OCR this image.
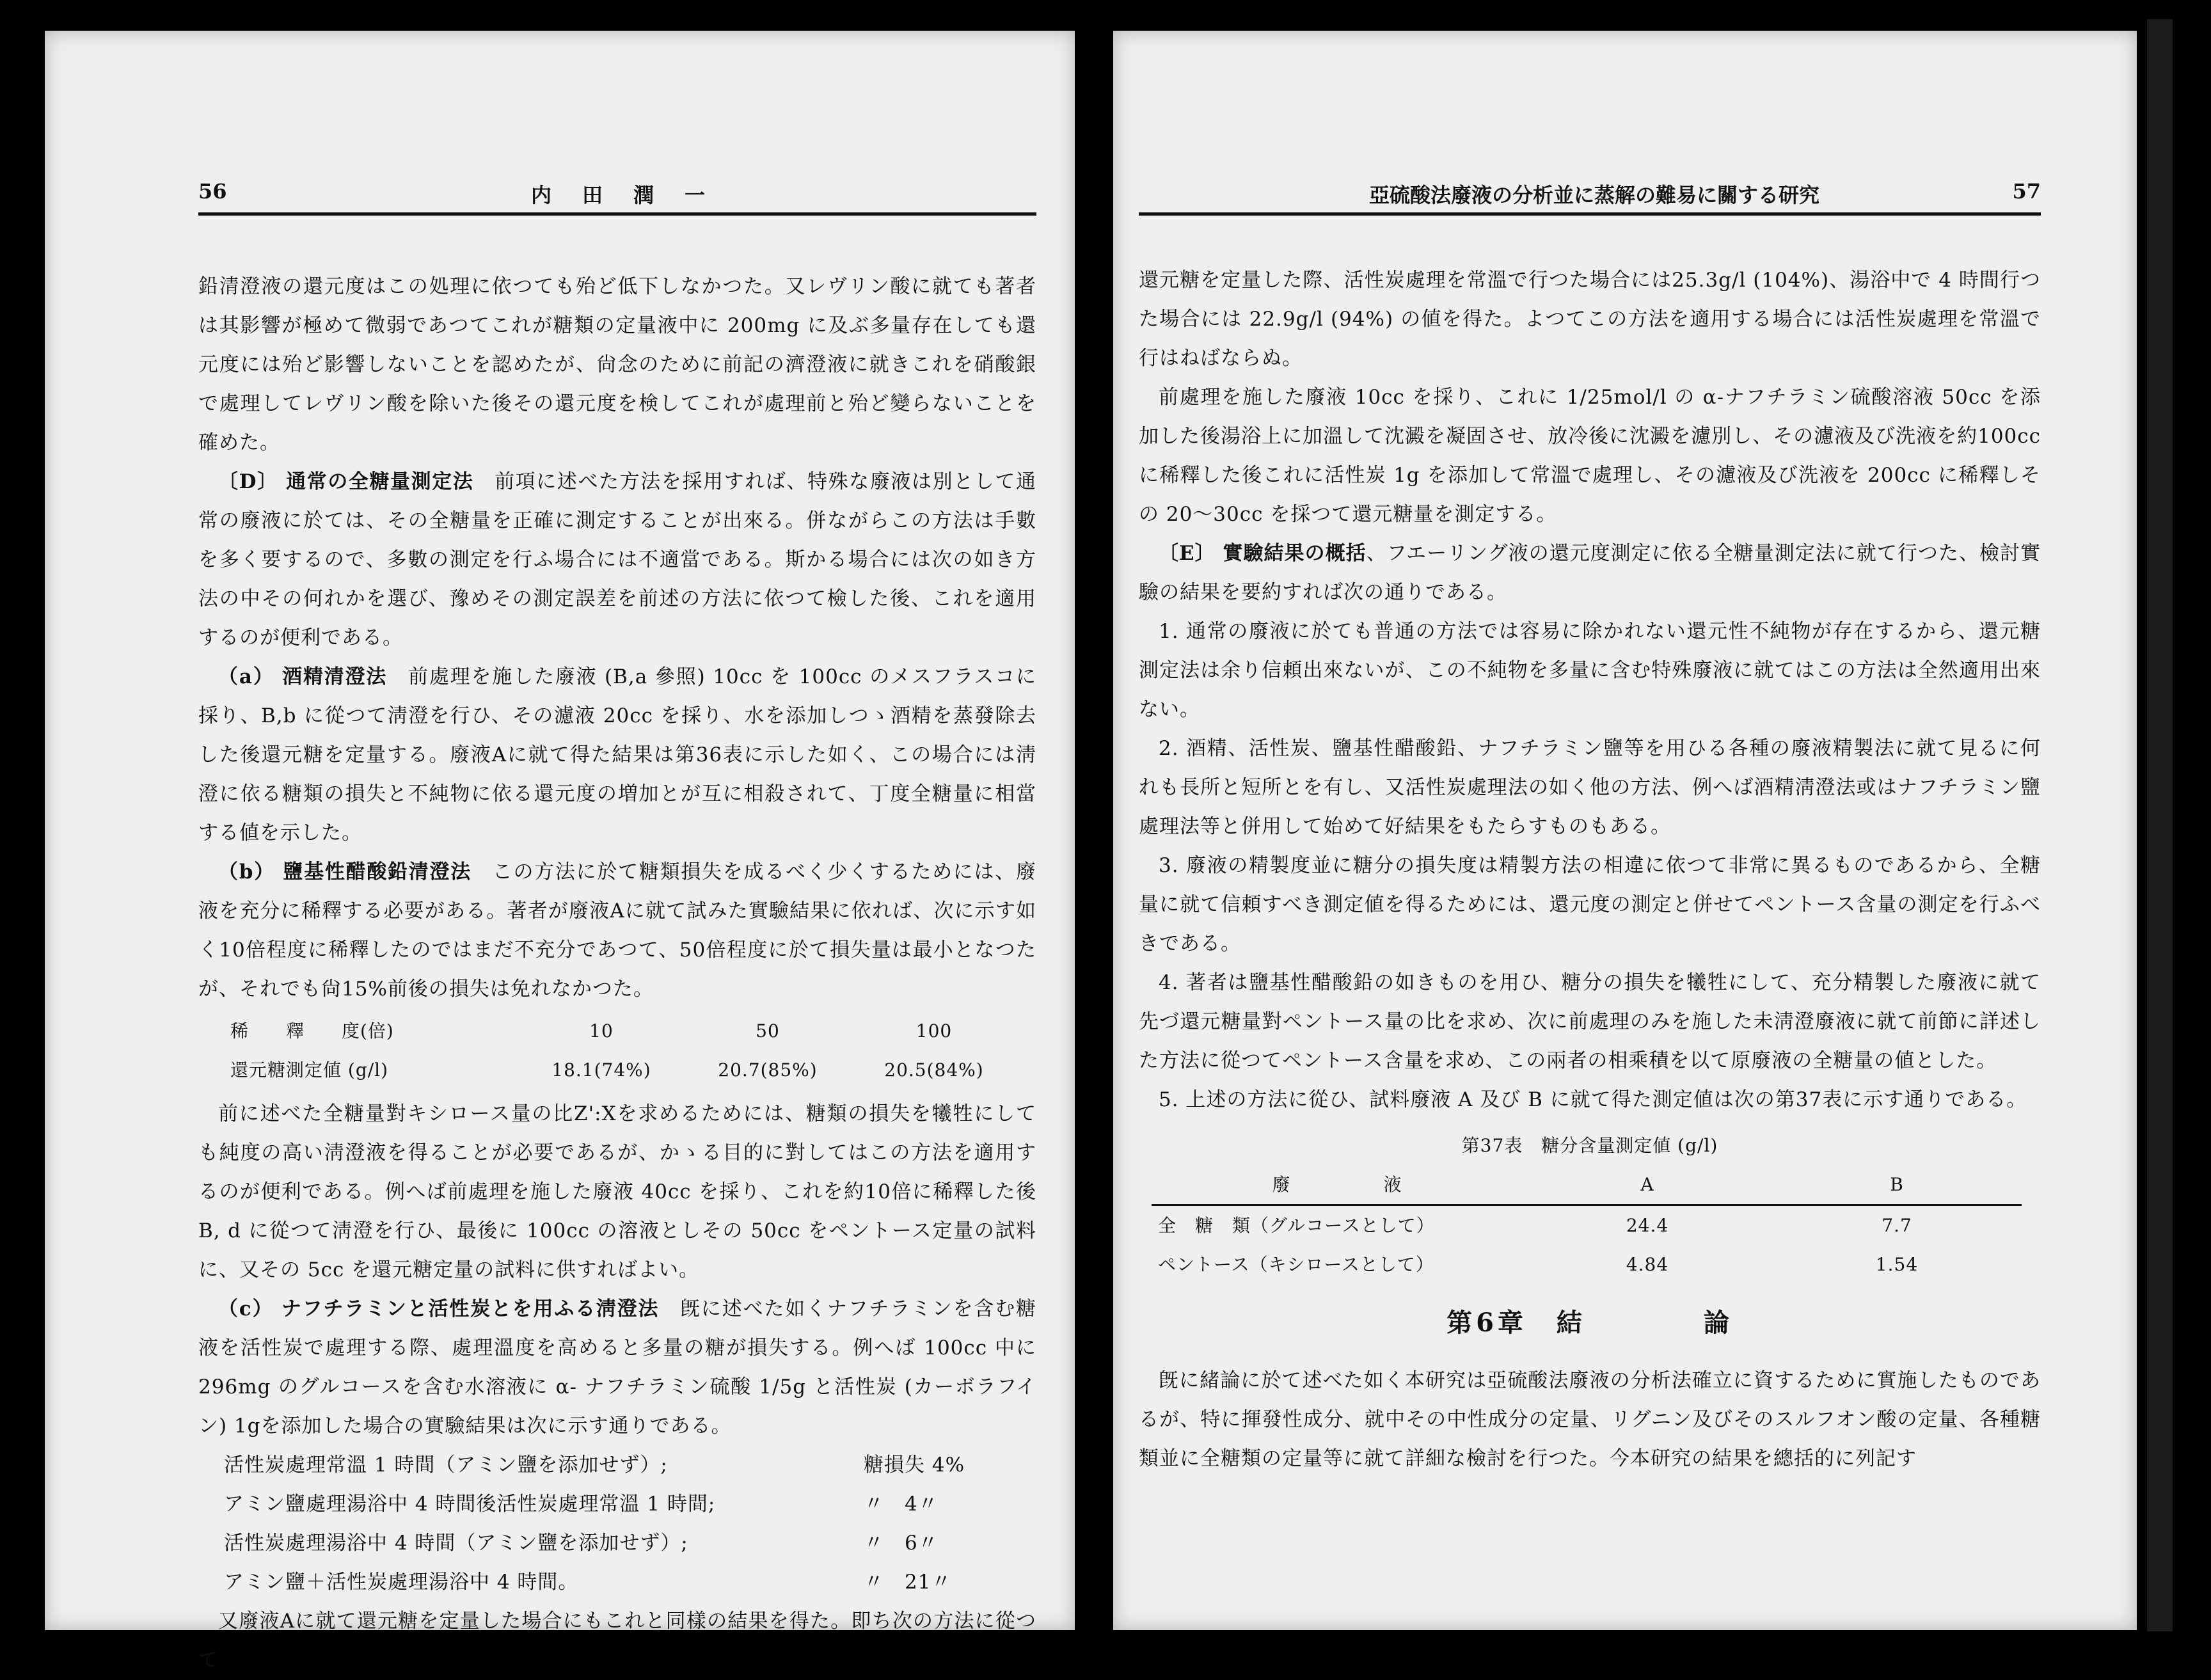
56	内　田　潤　一

鉛清澄液の還元度はこの処理に依つても殆ど低下しなかつた。又レヴリン酸に就ても著者は其影響が極めて微弱であつてこれが糖類の定量液中に 200mg に及ぶ多量存在しても還元度には殆ど影響しないことを認めたが、尙念のために前記の濟澄液に就きこれを硝酸銀で處理してレヴリン酸を除いた後その還元度を検してこれが處理前と殆ど變らないことを確めた。

〔D〕 通常の全糖量測定法　 前項に述べた方法を採用すれば、特殊な廢液は別として通常の廢液に於ては、その全糖量を正確に測定することが出來る。併ながらこの方法は手數を多く要するので、多數の測定を行ふ場合には不適當である。斯かる場合には次の如き方法の中その何れかを選び、豫めその測定誤差を前述の方法に依つて檢した後、これを適用するのが便利である。

（a） 酒精清澄法　 前處理を施した廢液 (B,a 參照) 10cc を 100cc のメスフラスコに採り、B,b に從つて淸澄を行ひ、その濾液 20cc を採り、水を添加しつゝ酒精を蒸發除去した後還元糖を定量する。廢液Aに就て得た結果は第36表に示した如く、この場合には淸澄に依る糖類の損失と不純物に依る還元度の増加とが互に相殺されて、丁度全糖量に相當する値を示した。

（b） 鹽基性醋酸鉛清澄法　 この方法に於て糖類損失を成るべく少くするためには、廢液を充分に稀釋する必要がある。著者が廢液Aに就て試みた實驗結果に依れば、次に示す如く10倍程度に稀釋したのではまだ不充分であつて、50倍程度に於て損失量は最小となつたが、それでも尙15%前後の損失は免れなかつた。

稀　　釋　　度(倍)	10	50	100
還元糖測定値 (g/l)	18.1(74%)	20.7(85%)	20.5(84%)

前に述べた全糖量對キシロース量の比Z':Xを求めるためには、糖類の損失を犧牲にしても純度の高い淸澄液を得ることが必要であるが、かゝる目的に對してはこの方法を適用するのが便利である。例へば前處理を施した廢液 40cc を採り、これを約10倍に稀釋した後 B, d に從つて淸澄を行ひ、最後に 100cc の溶液としその 50cc をペントース定量の試料に、又その 5cc を還元糖定量の試料に供すればよい。

（c） ナフチラミンと活性炭とを用ふる淸澄法　 旣に述べた如くナフチラミンを含む糖液を活性炭で處理する際、處理溫度を高めると多量の糖が損失する。例へば 100cc 中に 296mg のグルコースを含む水溶液に α- ナフチラミン硫酸 1/5g と活性炭 (カーボラフイン) 1gを添加した場合の實驗結果は次に示す通りである。

活性炭處理常溫 1 時間（アミン鹽を添加せず）;	糖損失 4%
アミン鹽處理湯浴中 4 時間後活性炭處理常溫 1 時間;	〃　4〃
活性炭處理湯浴中 4 時間（アミン鹽を添加せず）;	〃　6〃
アミン鹽＋活性炭處理湯浴中 4 時間。	〃　21〃

又廢液Aに就て還元糖を定量した場合にもこれと同樣の結果を得た。即ち次の方法に從つて

亞硫酸法廢液の分析並に蒸解の難易に關する研究	57

還元糖を定量した際、活性炭處理を常溫で行つた場合には25.3g/l (104%)、湯浴中で 4 時間行つた場合には 22.9g/l (94%) の値を得た。よつてこの方法を適用する場合には活性炭處理を常溫で行はねばならぬ。

前處理を施した廢液 10cc を採り、これに 1/25mol/l の α-ナフチラミン硫酸溶液 50cc を添加した後湯浴上に加溫して沈澱を凝固させ、放冷後に沈澱を濾別し、その濾液及び洗液を約100cc に稀釋した後これに活性炭 1g を添加して常溫で處理し、その濾液及び洗液を 200cc に稀釋しその 20～30cc を採つて還元糖量を測定する。

〔E〕 實驗結果の概括、フエーリング液の還元度測定に依る全糖量測定法に就て行つた、檢討實驗の結果を要約すれば次の通りである。

1. 通常の廢液に於ても普通の方法では容易に除かれない還元性不純物が存在するから、還元糖測定法は余り信頼出來ないが、この不純物を多量に含む特殊廢液に就てはこの方法は全然適用出來ない。

2. 酒精、活性炭、鹽基性醋酸鉛、ナフチラミン鹽等を用ひる各種の廢液精製法に就て見るに何れも長所と短所とを有し、又活性炭處理法の如く他の方法、例へば酒精淸澄法或はナフチラミン鹽處理法等と併用して始めて好結果をもたらすものもある。

3. 廢液の精製度並に糖分の損失度は精製方法の相違に依つて非常に異るものであるから、全糖量に就て信頼すべき測定値を得るためには、還元度の測定と併せてペントース含量の測定を行ふべきである。

4. 著者は鹽基性醋酸鉛の如きものを用ひ、糖分の損失を犧牲にして、充分精製した廢液に就て先づ還元糖量對ペントース量の比を求め、次に前處理のみを施した未淸澄廢液に就て前節に詳述した方法に從つてペントース含量を求め、この兩者の相乘積を以て原廢液の全糖量の値とした。

5. 上述の方法に從ひ、試料廢液 A 及び B に就て得た測定値は次の第37表に示す通りである。

第37表　糖分含量測定値 (g/l)
廢　　　　　液	A	B
全　糖　類（グルコースとして）	24.4	7.7
ペントース（キシロースとして）	4.84	1.54
第6章　結　　　　論

旣に緒論に於て述べた如く本研究は亞硫酸法廢液の分析法確立に資するために實施したものであるが、特に揮發性成分、就中その中性成分の定量、リグニン及びそのスルフオン酸の定量、各種糖類並に全糖類の定量等に就て詳細な檢討を行つた。今本研究の結果を總括的に列記す
